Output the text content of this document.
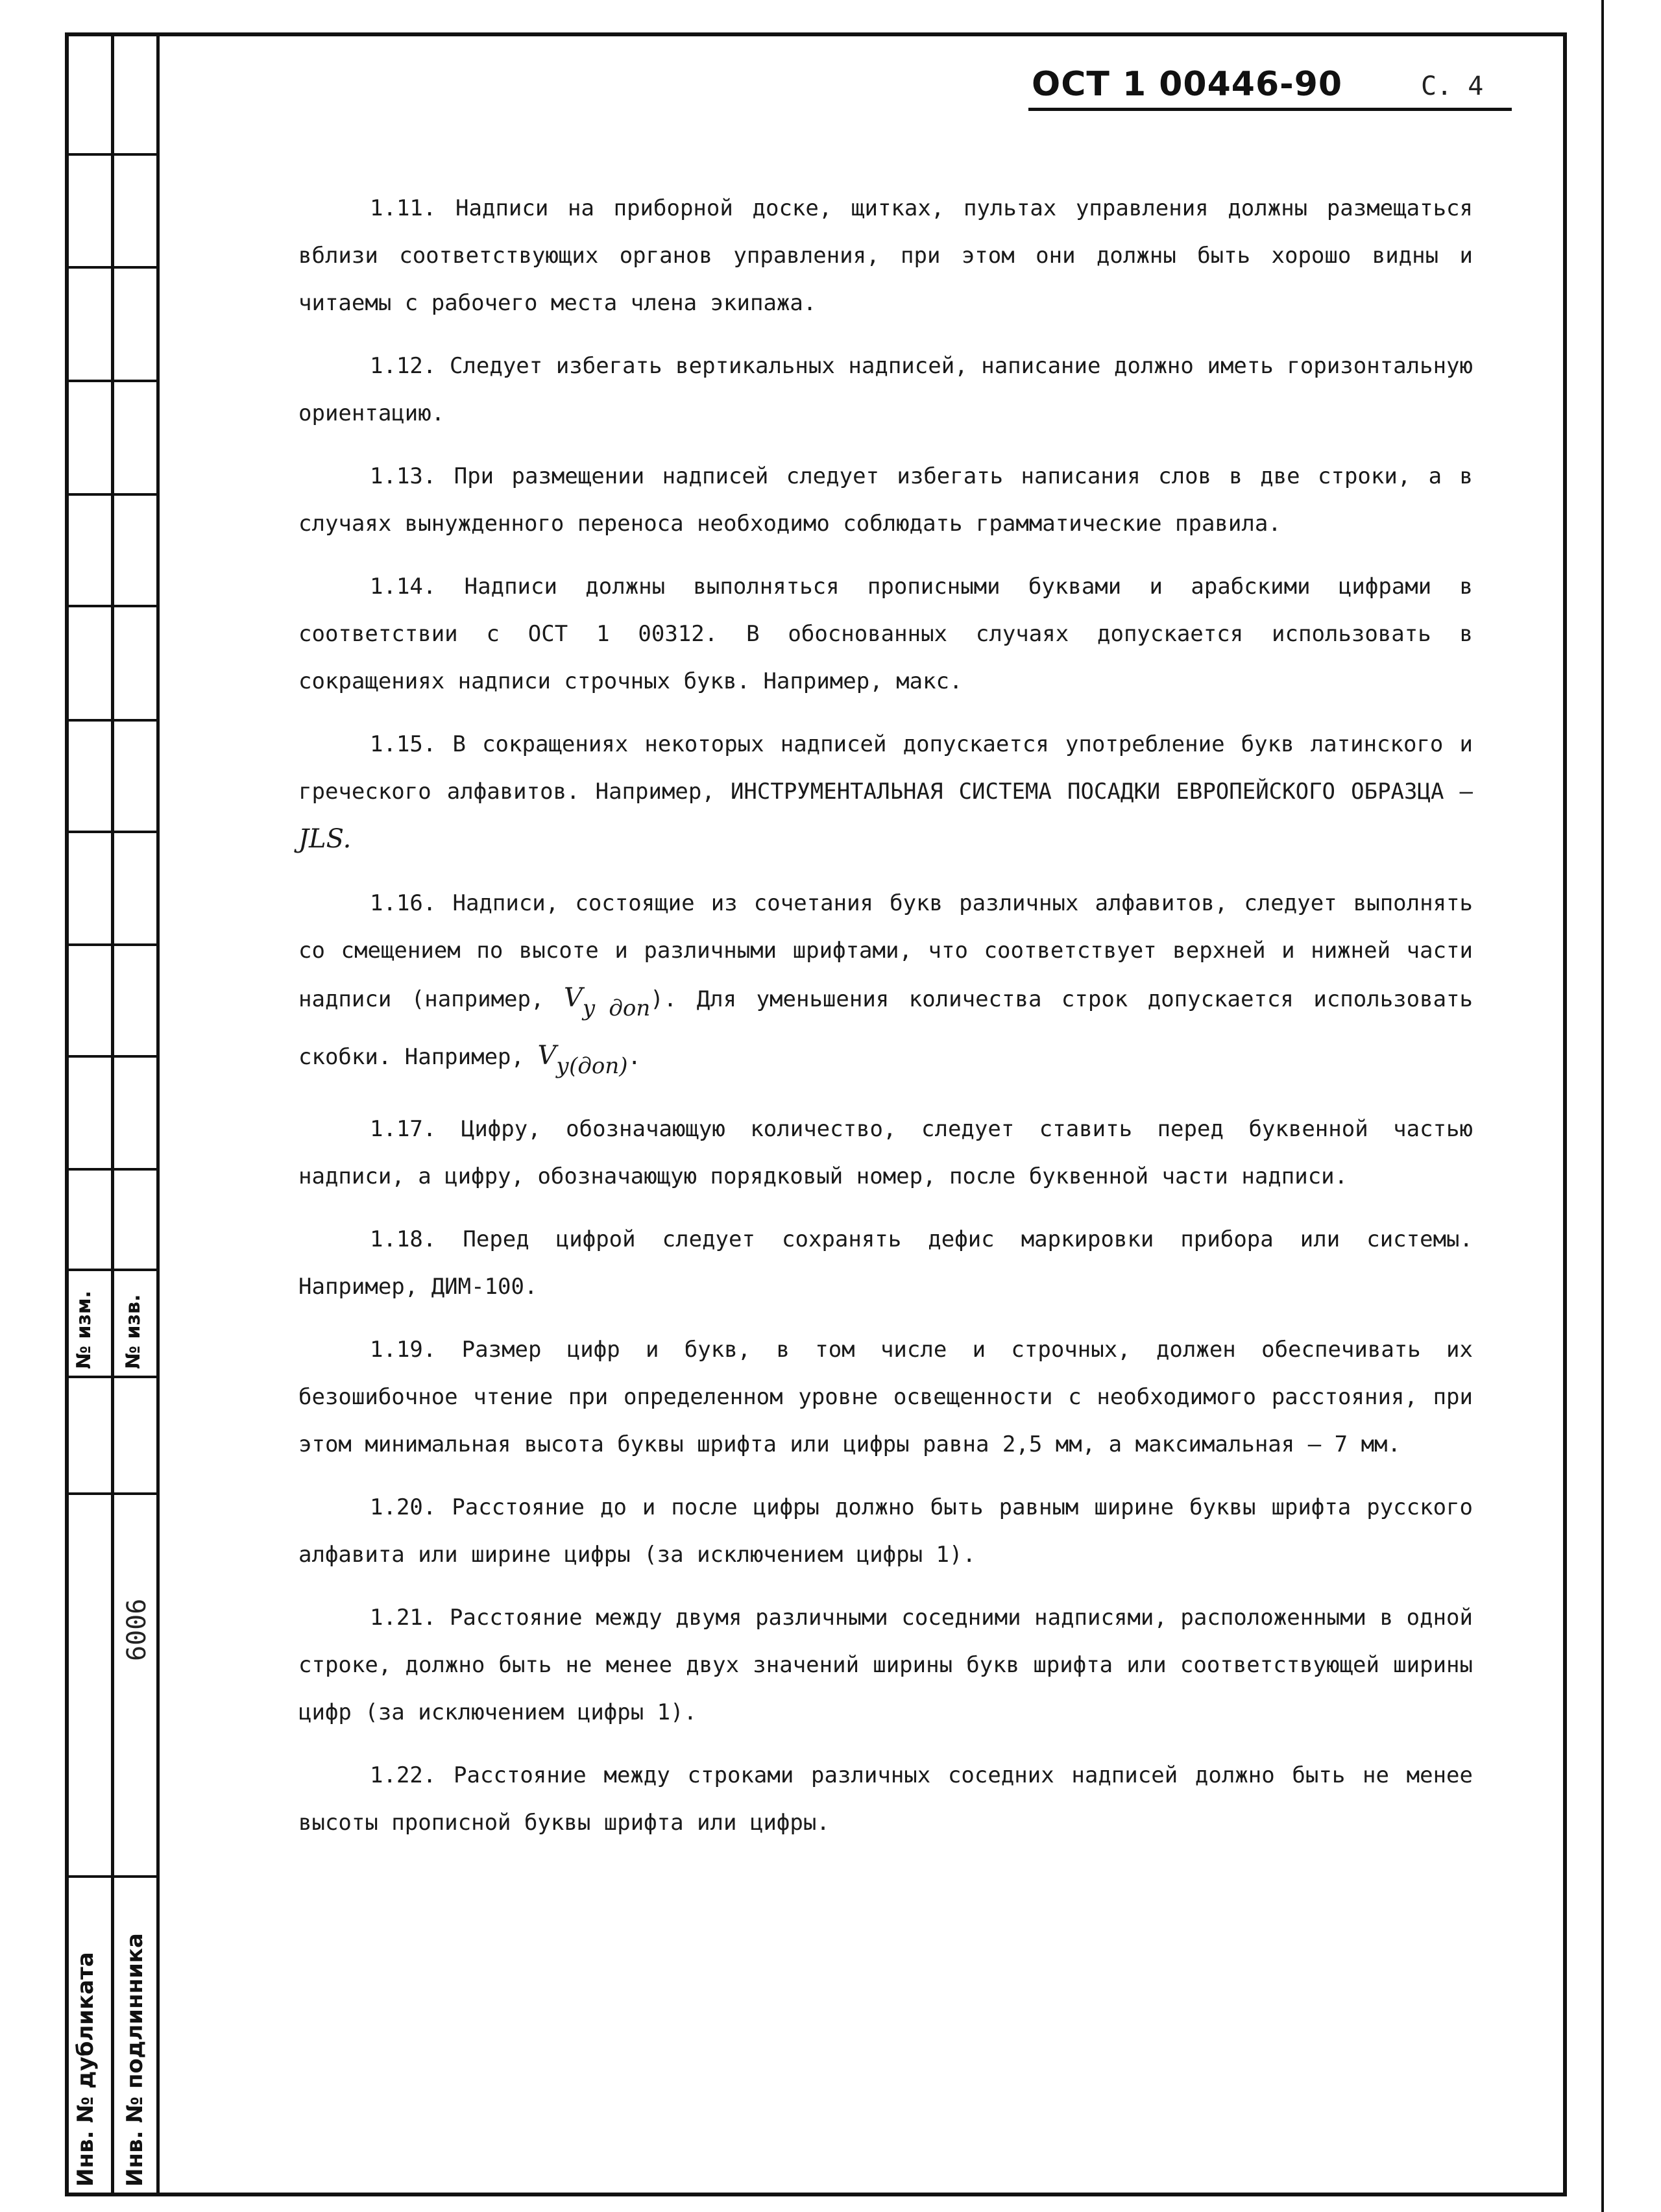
№ изм. № изв.
6006
Инв. № дубликата Инв. № подлинника
ОСТ 1 00446-90	С. 4

1.11. Надписи на приборной доске, щитках, пультах управления должны размещаться вблизи соответствующих органов управления, при этом они должны быть хорошо видны и читаемы с рабочего места члена экипажа.

1.12. Следует избегать вертикальных надписей, написание должно иметь горизонтальную ориентацию.

1.13. При размещении надписей следует избегать написания слов в две строки, а в случаях вынужденного переноса необходимо соблюдать грамматические правила.

1.14. Надписи должны выполняться прописными буквами и арабскими цифрами в соответствии с ОСТ 1 00312. В обоснованных случаях допускается использовать в сокращениях надписи строчных букв. Например, макс.

1.15. В сокращениях некоторых надписей допускается употребление букв латинского и греческого алфавитов. Например, ИНСТРУМЕНТАЛЬНАЯ СИСТЕМА ПОСАДКИ ЕВРОПЕЙСКОГО ОБРАЗЦА – JLS.

1.16. Надписи, состоящие из сочетания букв различных алфавитов, следует выполнять со смещением по высоте и различными шрифтами, что соответствует верхней и нижней части надписи (например, Vу доп). Для уменьшения количества строк допускается использовать скобки. Например, Vу(доп).

1.17. Цифру, обозначающую количество, следует ставить перед буквенной частью надписи, а цифру, обозначающую порядковый номер, после буквенной части надписи.

1.18. Перед цифрой следует сохранять дефис маркировки прибора или системы. Например, ДИМ-100.

1.19. Размер цифр и букв, в том числе и строчных, должен обеспечивать их безошибочное чтение при определенном уровне освещенности с необходимого расстояния, при этом минимальная высота буквы шрифта или цифры равна 2,5 мм, а максимальная – 7 мм.

1.20. Расстояние до и после цифры должно быть равным ширине буквы шрифта русского алфавита или ширине цифры (за исключением цифры 1).

1.21. Расстояние между двумя различными соседними надписями, расположенными в одной строке, должно быть не менее двух значений ширины букв шрифта или соответствующей ширины цифр (за исключением цифры 1).

1.22. Расстояние между строками различных соседних надписей должно быть не менее высоты прописной буквы шрифта или цифры.
